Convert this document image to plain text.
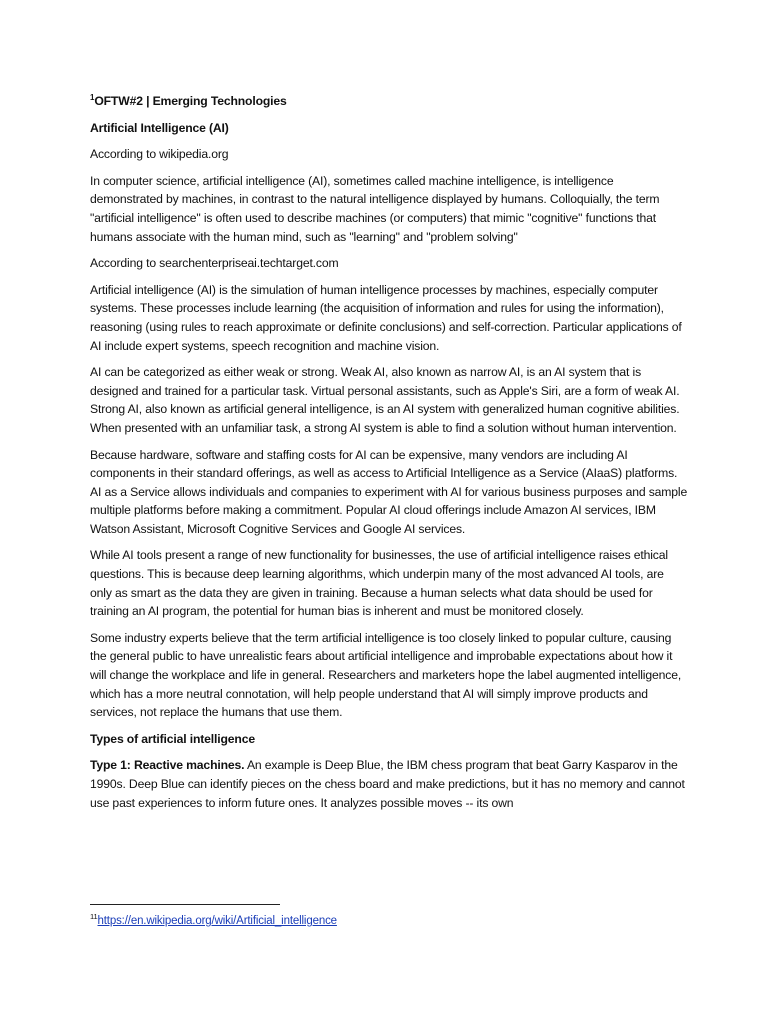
$^1$OFTW#2 | Emerging Technologies

Artificial Intelligence (AI)

According to wikipedia.org

In computer science, artificial intelligence (AI), sometimes called machine intelligence, is intelligence demonstrated by machines, in contrast to the natural intelligence displayed by humans. Colloquially, the term "artificial intelligence" is often used to describe machines (or computers) that mimic "cognitive" functions that humans associate with the human mind, such as "learning" and "problem solving"

According to searchenterpriseai.techtarget.com

Artificial intelligence (AI) is the simulation of human intelligence processes by machines, especially computer systems. These processes include learning (the acquisition of information and rules for using the information), reasoning (using rules to reach approximate or definite conclusions) and self-correction. Particular applications of AI include expert systems, speech recognition and machine vision.

AI can be categorized as either weak or strong. Weak AI, also known as narrow AI, is an AI system that is designed and trained for a particular task. Virtual personal assistants, such as Apple's Siri, are a form of weak AI. Strong AI, also known as artificial general intelligence, is an AI system with generalized human cognitive abilities. When presented with an unfamiliar task, a strong AI system is able to find a solution without human intervention.

Because hardware, software and staffing costs for AI can be expensive, many vendors are including AI components in their standard offerings, as well as access to Artificial Intelligence as a Service (AIaaS) platforms. AI as a Service allows individuals and companies to experiment with AI for various business purposes and sample multiple platforms before making a commitment. Popular AI cloud offerings include Amazon AI services, IBM Watson Assistant, Microsoft Cognitive Services and Google AI services.

While AI tools present a range of new functionality for businesses, the use of artificial intelligence raises ethical questions. This is because deep learning algorithms, which underpin many of the most advanced AI tools, are only as smart as the data they are given in training. Because a human selects what data should be used for training an AI program, the potential for human bias is inherent and must be monitored closely.

Some industry experts believe that the term artificial intelligence is too closely linked to popular culture, causing the general public to have unrealistic fears about artificial intelligence and improbable expectations about how it will change the workplace and life in general. Researchers and marketers hope the label augmented intelligence, which has a more neutral connotation, will help people understand that AI will simply improve products and services, not replace the humans that use them.

Types of artificial intelligence

Type 1: Reactive machines. An example is Deep Blue, the IBM chess program that beat Garry Kasparov in the 1990s. Deep Blue can identify pieces on the chess board and make predictions, but it has no memory and cannot use past experiences to inform future ones. It analyzes possible moves -- its own

$^{11}$https://en.wikipedia.org/wiki/Artificial_intelligence
